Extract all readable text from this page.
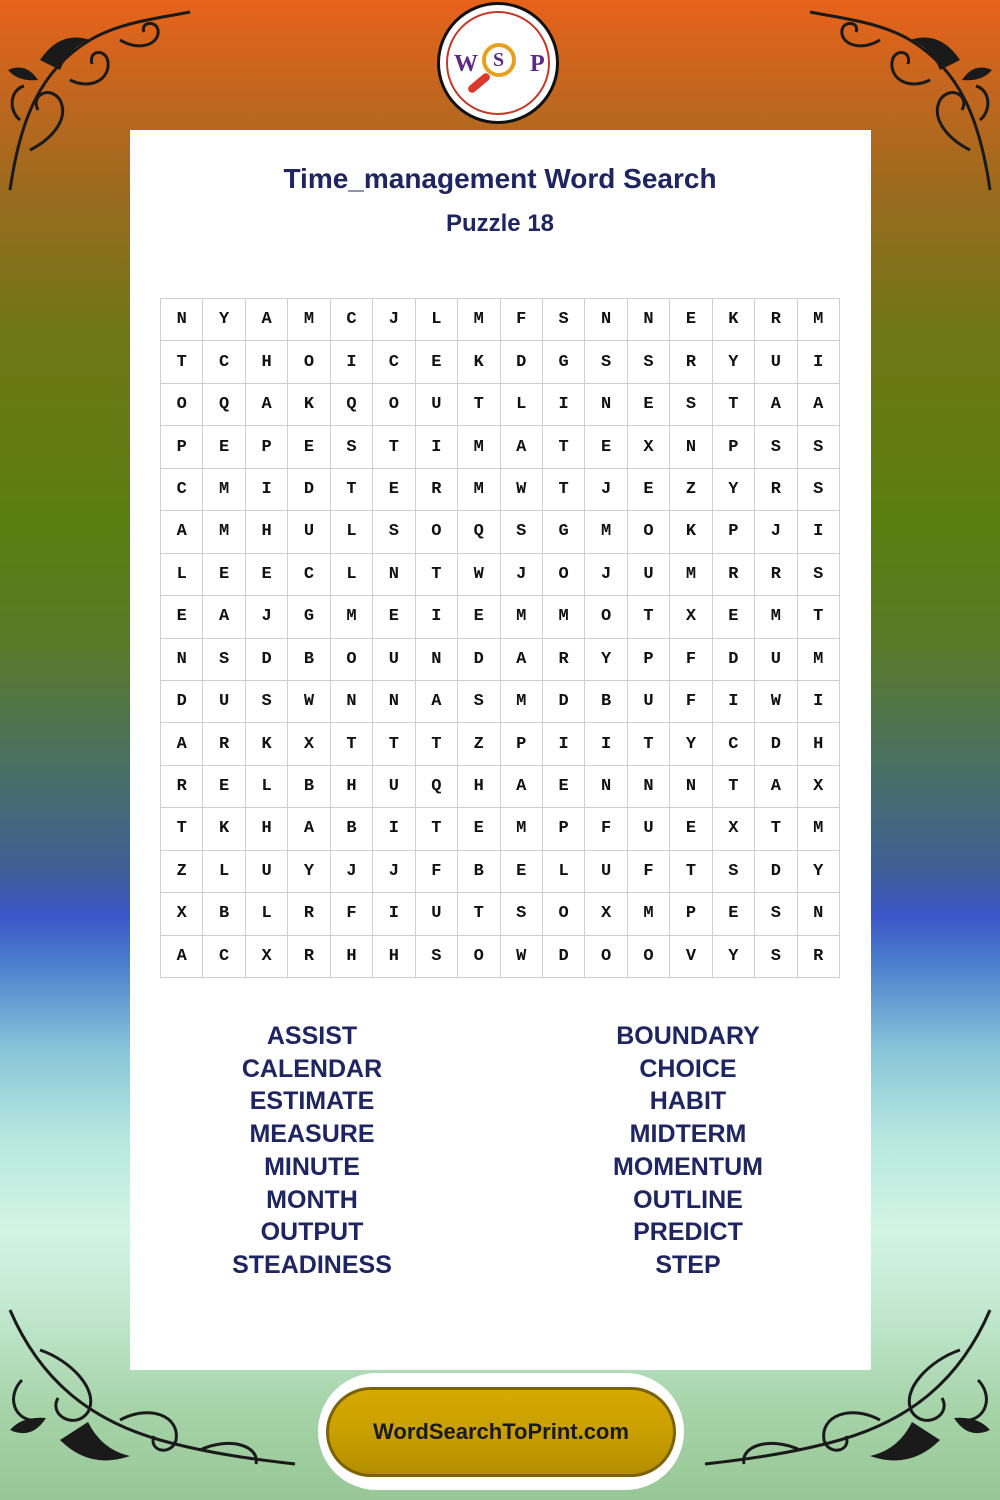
W S P
Time_management Word Search
Puzzle 18
N	Y	A	M	C	J	L	M	F	S	N	N	E	K	R	M
T	C	H	O	I	C	E	K	D	G	S	S	R	Y	U	I
O	Q	A	K	Q	O	U	T	L	I	N	E	S	T	A	A
P	E	P	E	S	T	I	M	A	T	E	X	N	P	S	S
C	M	I	D	T	E	R	M	W	T	J	E	Z	Y	R	S
A	M	H	U	L	S	O	Q	S	G	M	O	K	P	J	I
L	E	E	C	L	N	T	W	J	O	J	U	M	R	R	S
E	A	J	G	M	E	I	E	M	M	O	T	X	E	M	T
N	S	D	B	O	U	N	D	A	R	Y	P	F	D	U	M
D	U	S	W	N	N	A	S	M	D	B	U	F	I	W	I
A	R	K	X	T	T	T	Z	P	I	I	T	Y	C	D	H
R	E	L	B	H	U	Q	H	A	E	N	N	N	T	A	X
T	K	H	A	B	I	T	E	M	P	F	U	E	X	T	M
Z	L	U	Y	J	J	F	B	E	L	U	F	T	S	D	Y
X	B	L	R	F	I	U	T	S	O	X	M	P	E	S	N
A	C	X	R	H	H	S	O	W	D	O	O	V	Y	S	R
ASSIST
CALENDAR
ESTIMATE
MEASURE
MINUTE
MONTH
OUTPUT
STEADINESS
BOUNDARY
CHOICE
HABIT
MIDTERM
MOMENTUM
OUTLINE
PREDICT
STEP
WordSearchToPrint.com
